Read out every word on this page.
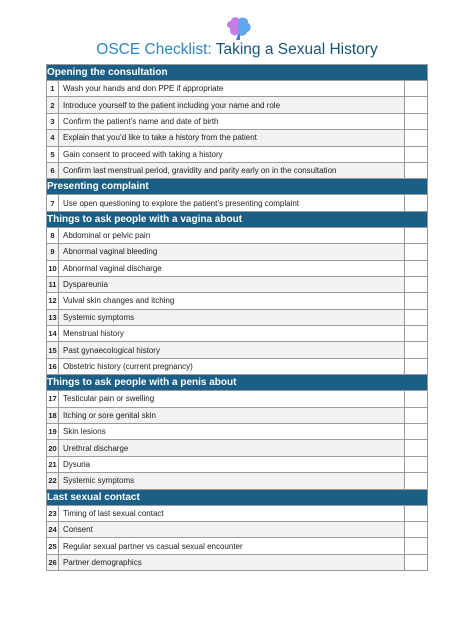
OSCE Checklist: Taking a Sexual History
Opening the consultation		
1	Wash your hands and don PPE if appropriate	
2	Introduce yourself to the patient including your name and role	
3	Confirm the patient’s name and date of birth	
4	Explain that you’d like to take a history from the patient	
5	Gain consent to proceed with taking a history	
6	Confirm last menstrual period, gravidity and parity early on in the consultation	
Presenting complaint		
7	Use open questioning to explore the patient’s presenting complaint	
Things to ask people with a vagina about		
8	Abdominal or pelvic pain	
9	Abnormal vaginal bleeding	
10	Abnormal vaginal discharge	
11	Dyspareunia	
12	Vulval skin changes and itching	
13	Systemic symptoms	
14	Menstrual history	
15	Past gynaecological history	
16	Obstetric history (current pregnancy)	
Things to ask people with a penis about		
17	Testicular pain or swelling	
18	Itching or sore genital skin	
19	Skin lesions	
20	Urethral discharge	
21	Dysuria	
22	Systemic symptoms	
Last sexual contact		
23	Timing of last sexual contact	
24	Consent	
25	Regular sexual partner vs casual sexual encounter	
26	Partner demographics	
